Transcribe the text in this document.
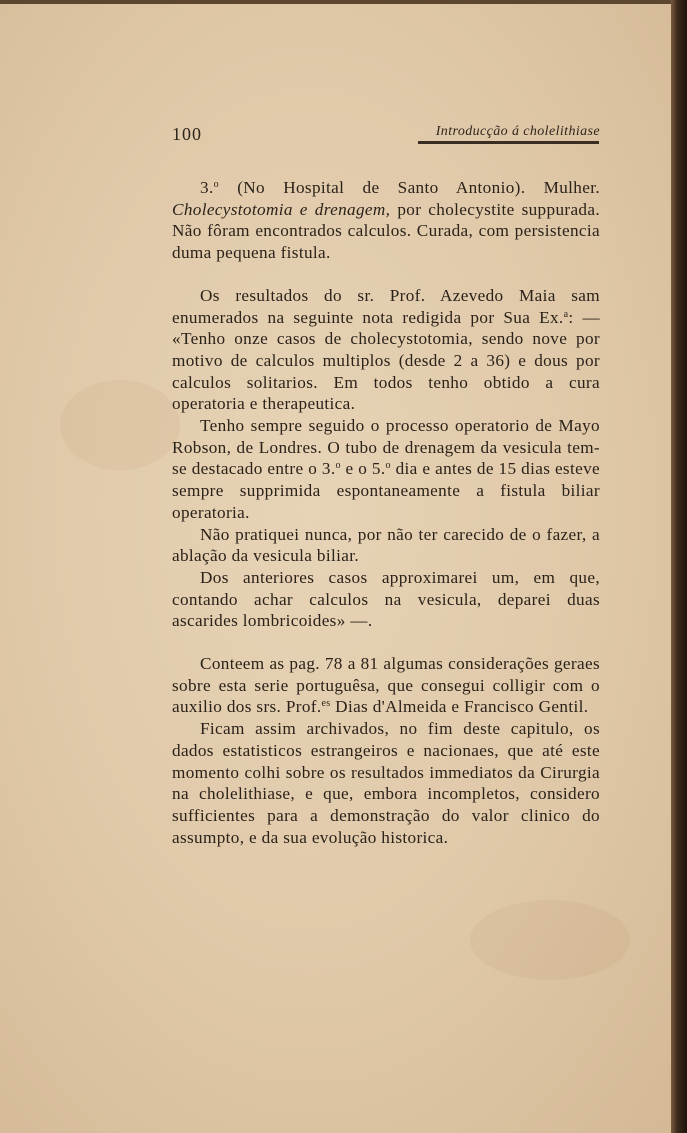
100	Introducção á cholelithiase

3.$^o$ (No Hospital de Santo Antonio). Mulher. Cholecystotomia e drenagem, por cholecystite suppurada. Não fôram encontrados calculos. Curada, com persistencia duma pequena fistula.

Os resultados do sr. Prof. Azevedo Maia sam enumerados na seguinte nota redigida por Sua Ex.$^a$: — «Tenho onze casos de cholecystotomia, sendo nove por motivo de calculos multiplos (desde 2 a 36) e dous por calculos solitarios. Em todos tenho obtido a cura operatoria e therapeutica.

Tenho sempre seguido o processo operatorio de Mayo Robson, de Londres. O tubo de drenagem da vesicula tem-se destacado entre o 3.$^o$ e o 5.$^o$ dia e antes de 15 dias esteve sempre supprimida espontaneamente a fistula biliar operatoria.

Não pratiquei nunca, por não ter carecido de o fazer, a ablação da vesicula biliar.

Dos anteriores casos approximarei um, em que, contando achar calculos na vesicula, deparei duas ascarides lombricoides» —.

Conteem as pag. 78 a 81 algumas considerações geraes sobre esta serie portuguêsa, que consegui colligir com o auxilio dos srs. Prof.$^{es}$ Dias d'Almeida e Francisco Gentil.

Ficam assim archivados, no fim deste capitulo, os dados estatisticos estrangeiros e nacionaes, que até este momento colhi sobre os resultados immediatos da Cirurgia na cholelithiase, e que, embora incompletos, considero sufficientes para a demonstração do valor clinico do assumpto, e da sua evolução historica.
